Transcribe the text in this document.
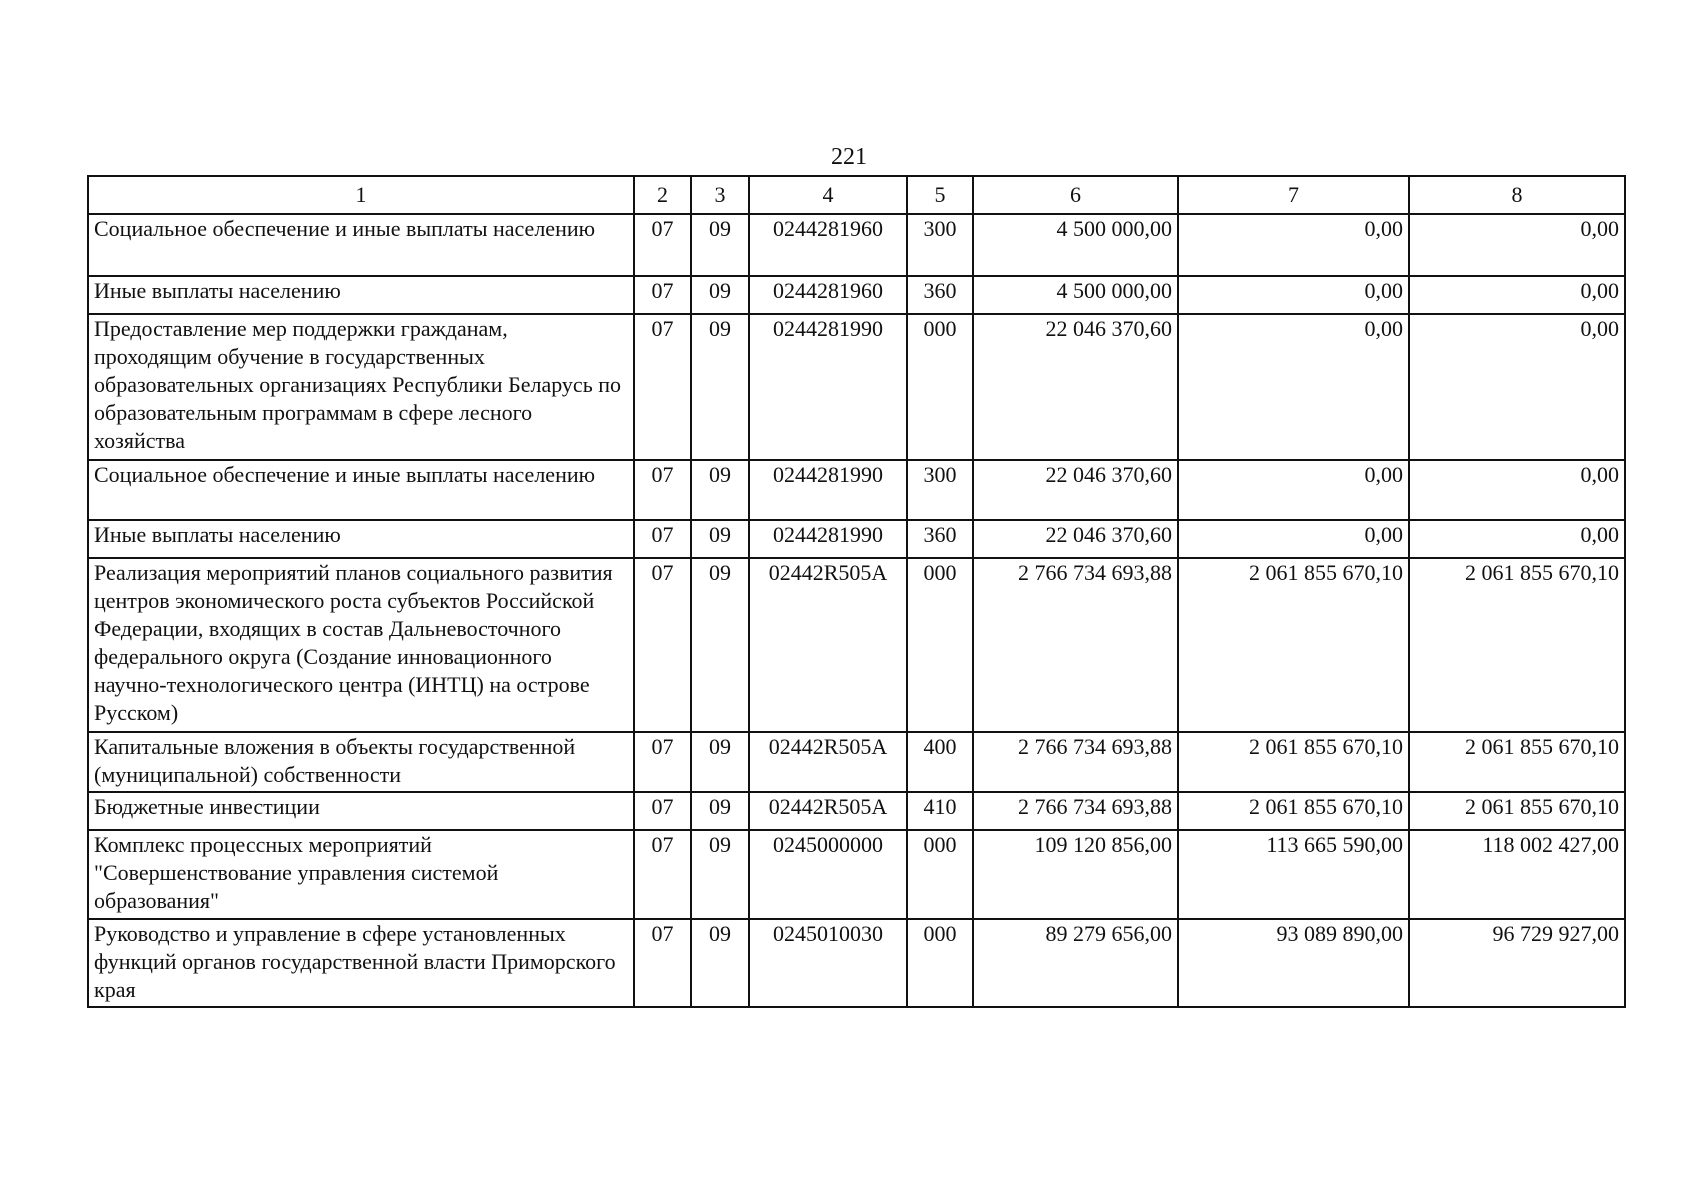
221
1	2	3	4	5	6	7	8
Социальное обеспечение и иные выплаты населению	07	09	0244281960	300	4 500 000,00	0,00	0,00
Иные выплаты населению	07	09	0244281960	360	4 500 000,00	0,00	0,00
Предоставление мер поддержки гражданам, проходящим обучение в государственных образовательных организациях Республики Беларусь по образовательным программам в сфере лесного хозяйства	07	09	0244281990	000	22 046 370,60	0,00	0,00
Социальное обеспечение и иные выплаты населению	07	09	0244281990	300	22 046 370,60	0,00	0,00
Иные выплаты населению	07	09	0244281990	360	22 046 370,60	0,00	0,00
Реализация мероприятий планов социального развития центров экономического роста субъектов Российской Федерации, входящих в состав Дальневосточного федерального округа (Создание инновационного научно-технологического центра (ИНТЦ) на острове Русском)	07	09	02442R505A	000	2 766 734 693,88	2 061 855 670,10	2 061 855 670,10
Капитальные вложения в объекты государственной (муниципальной) собственности	07	09	02442R505A	400	2 766 734 693,88	2 061 855 670,10	2 061 855 670,10
Бюджетные инвестиции	07	09	02442R505A	410	2 766 734 693,88	2 061 855 670,10	2 061 855 670,10
Комплекс процессных мероприятий "Совершенствование управления системой образования"	07	09	0245000000	000	109 120 856,00	113 665 590,00	118 002 427,00
Руководство и управление в сфере установленных функций органов государственной власти Приморского края	07	09	0245010030	000	89 279 656,00	93 089 890,00	96 729 927,00
